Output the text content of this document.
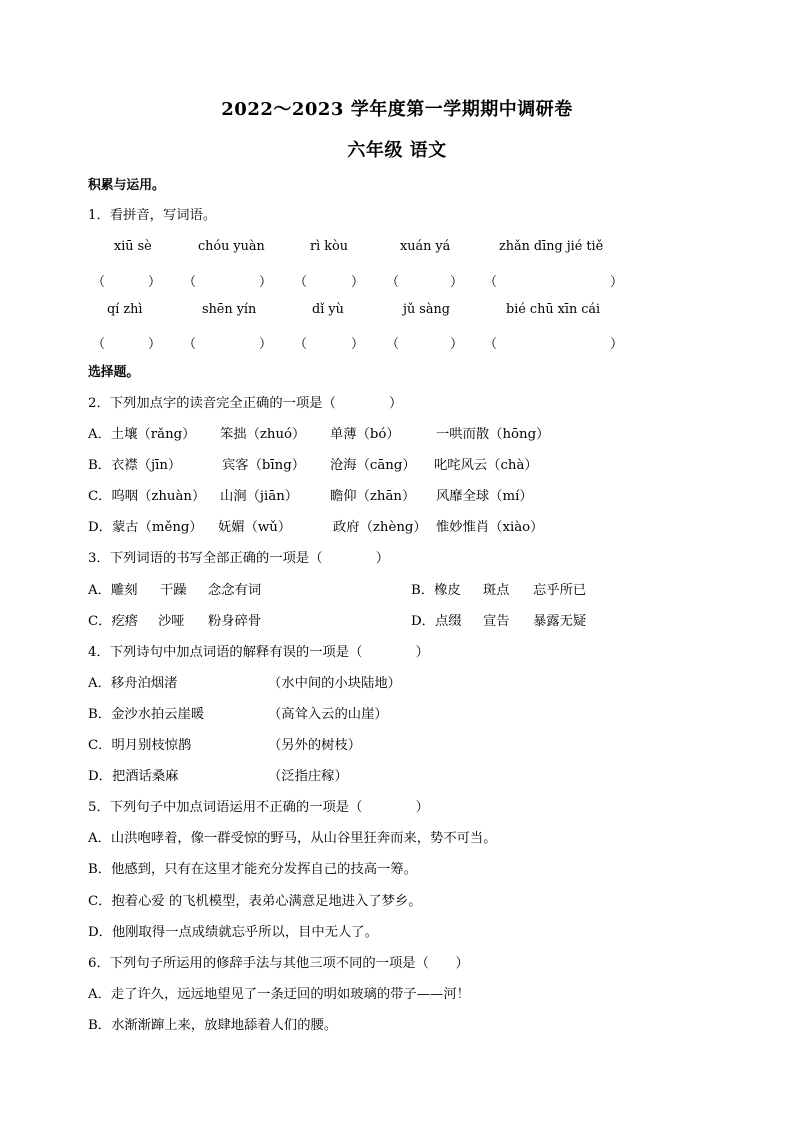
2022～2023 学年度第一学期期中调研卷
六年级 语文
积累与运用。
1．看拼音，写词语。
xiū sè	chóu yuàn	rì kòu	xuán yá	zhǎn dīng jié tiě
（	） （	） （	） （	） （	）
qí zhì	shēn yín	dǐ yù	jǔ sàng	bié chū xīn cái
（	） （	） （	） （	） （	）
选择题。
2．下列加点字的读音完全正确的一项是（　　　　）
A．土壤（rǎng） 笨拙（zhuó） 单薄（bó）	一哄而散（hōng）
B．衣襟（jīn）	宾客（bīng） 沧海（cāng） 叱咤风云（chà）
C．呜咽（zhuàn） 山涧（jiān） 瞻仰（zhān） 风靡全球（mí）
D．蒙古（měng） 妩媚（wǔ）	政府（zhèng） 惟妙惟肖（xiào）
3．下列词语的书写全部正确的一项是（　　　　）
A．雕刻 干躁 念念有词	B．橡皮 斑点 忘乎所已
C．疙瘩 沙哑 粉身碎骨	D．点缀 宣告 暴露无疑
4．下列诗句中加点词语的解释有误的一项是（　　　　）
A．移舟泊烟渚	（水中间的小块陆地）
B．金沙水拍云崖暖	（高耸入云的山崖）
C．明月别枝惊鹊	（另外的树枝）
D．把酒话桑麻	（泛指庄稼）
5．下列句子中加点词语运用不正确的一项是（　　　　）
A．山洪咆哮着，像一群受惊的野马，从山谷里狂奔而来，势不可当。
B．他感到，只有在这里才能充分发挥自己的技高一筹。
C．抱着心爱 的飞机模型，表弟心满意足地进入了梦乡。
D．他刚取得一点成绩就忘乎所以，目中无人了。
6．下列句子所运用的修辞手法与其他三项不同的一项是（　　）
A．走了许久，远远地望见了一条迂回的明如玻璃的带子——河！
B．水渐渐蹿上来，放肆地舔着人们的腰。
